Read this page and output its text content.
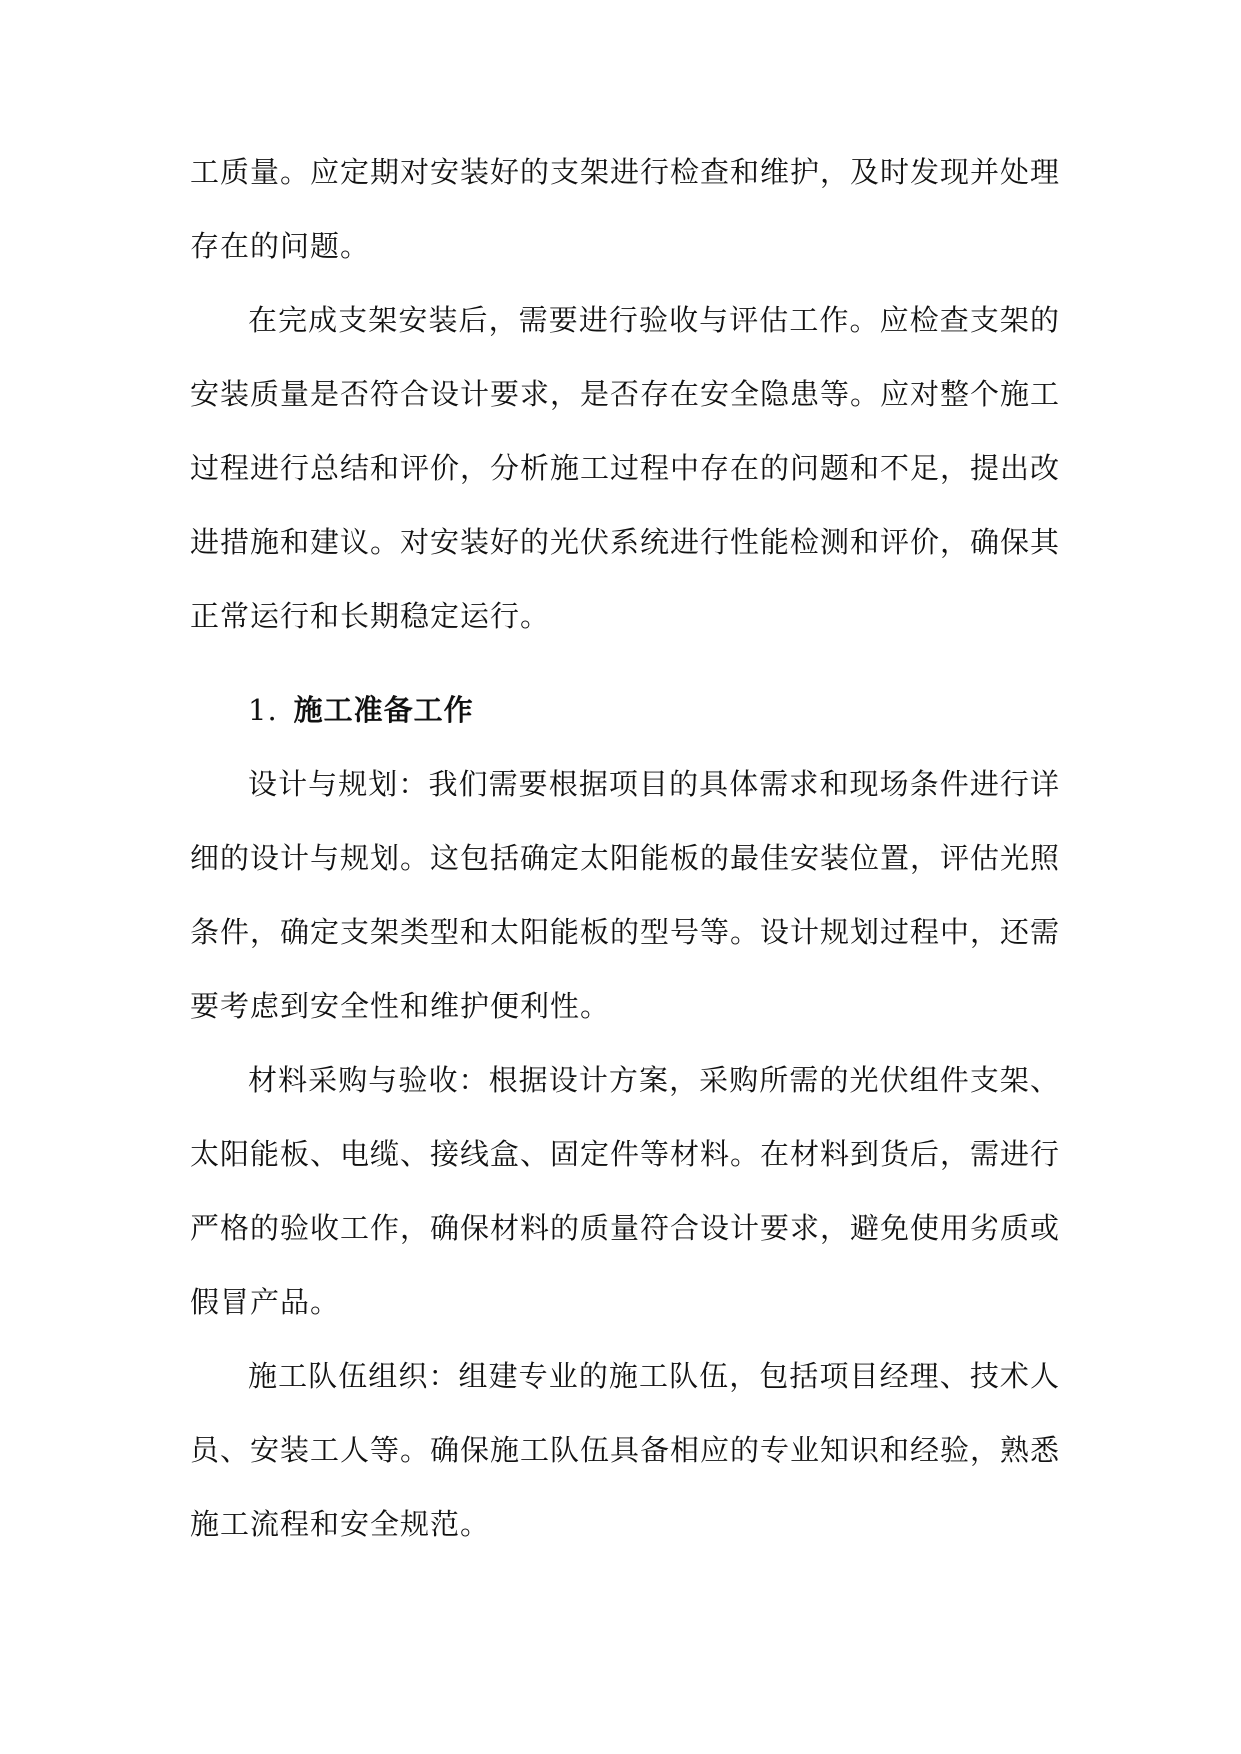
工质量。应定期对安装好的支架进行检查和维护，及时发现并处理存在的问题。

在完成支架安装后，需要进行验收与评估工作。应检查支架的安装质量是否符合设计要求，是否存在安全隐患等。应对整个施工过程进行总结和评价，分析施工过程中存在的问题和不足，提出改进措施和建议。对安装好的光伏系统进行性能检测和评价，确保其正常运行和长期稳定运行。

1. 施工准备工作

设计与规划：我们需要根据项目的具体需求和现场条件进行详细的设计与规划。这包括确定太阳能板的最佳安装位置，评估光照条件，确定支架类型和太阳能板的型号等。设计规划过程中，还需要考虑到安全性和维护便利性。

材料采购与验收：根据设计方案，采购所需的光伏组件支架、太阳能板、电缆、接线盒、固定件等材料。在材料到货后，需进行严格的验收工作，确保材料的质量符合设计要求，避免使用劣质或假冒产品。

施工队伍组织：组建专业的施工队伍，包括项目经理、技术人员、安装工人等。确保施工队伍具备相应的专业知识和经验，熟悉施工流程和安全规范。
